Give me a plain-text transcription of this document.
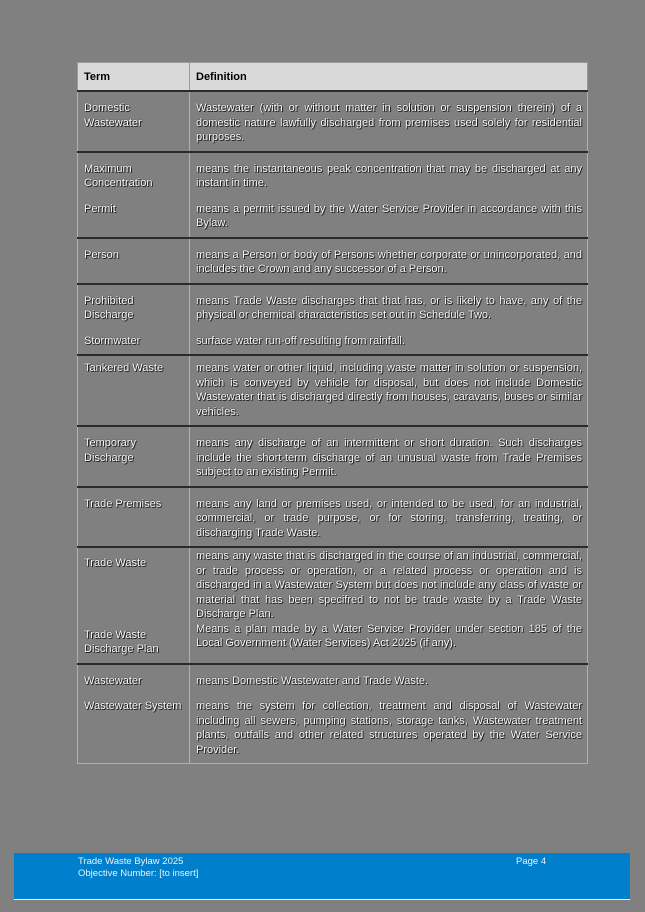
Term	Definition
Domestic Wastewater	Wastewater (with or without matter in solution or suspension therein) of a domestic nature lawfully discharged from premises used solely for residential purposes.
Maximum Concentration	means the instantaneous peak concentration that may be discharged at any instant in time.
Permit	means a permit issued by the Water Service Provider in accordance with this Bylaw.
Person	means a Person or body of Persons whether corporate or unincorporated, and includes the Crown and any successor of a Person.
Prohibited Discharge	means Trade Waste discharges that that has, or is likely to have, any of the physical or chemical characteristics set out in Schedule Two.
Stormwater	surface water run-off resulting from rainfall.
Tankered Waste	means water or other liquid, including waste matter in solution or suspension, which is conveyed by vehicle for disposal, but does not include Domestic Wastewater that is discharged directly from houses, caravans, buses or similar vehicles.
Temporary Discharge	means any discharge of an intermittent or short duration. Such discharges include the short-term discharge of an unusual waste from Trade Premises subject to an existing Permit.
Trade Premises	means any land or premises used, or intended to be used, for an industrial, commercial, or trade purpose, or for storing, transferring, treating, or discharging Trade Waste.
Trade Waste	means any waste that is discharged in the course of an industrial, commercial, or trade process or operation, or a related process or operation and is discharged in a Wastewater System but does not include any class of waste or material that has been specifred to not be trade waste by a Trade Waste Discharge Plan.
Trade Waste Discharge Plan	Means a plan made by a Water Service Provider under section 185 of the Local Government (Water Services) Act 2025 (if any).
Wastewater	means Domestic Wastewater and Trade Waste.
Wastewater System	means the system for collection, treatment and disposal of Wastewater including all sewers, pumping stations, storage tanks, Wastewater treatment plants, outfalls and other related structures operated by the Water Service Provider.
Trade Waste Bylaw 2025
Objective Number: [to insert]
Page 4
